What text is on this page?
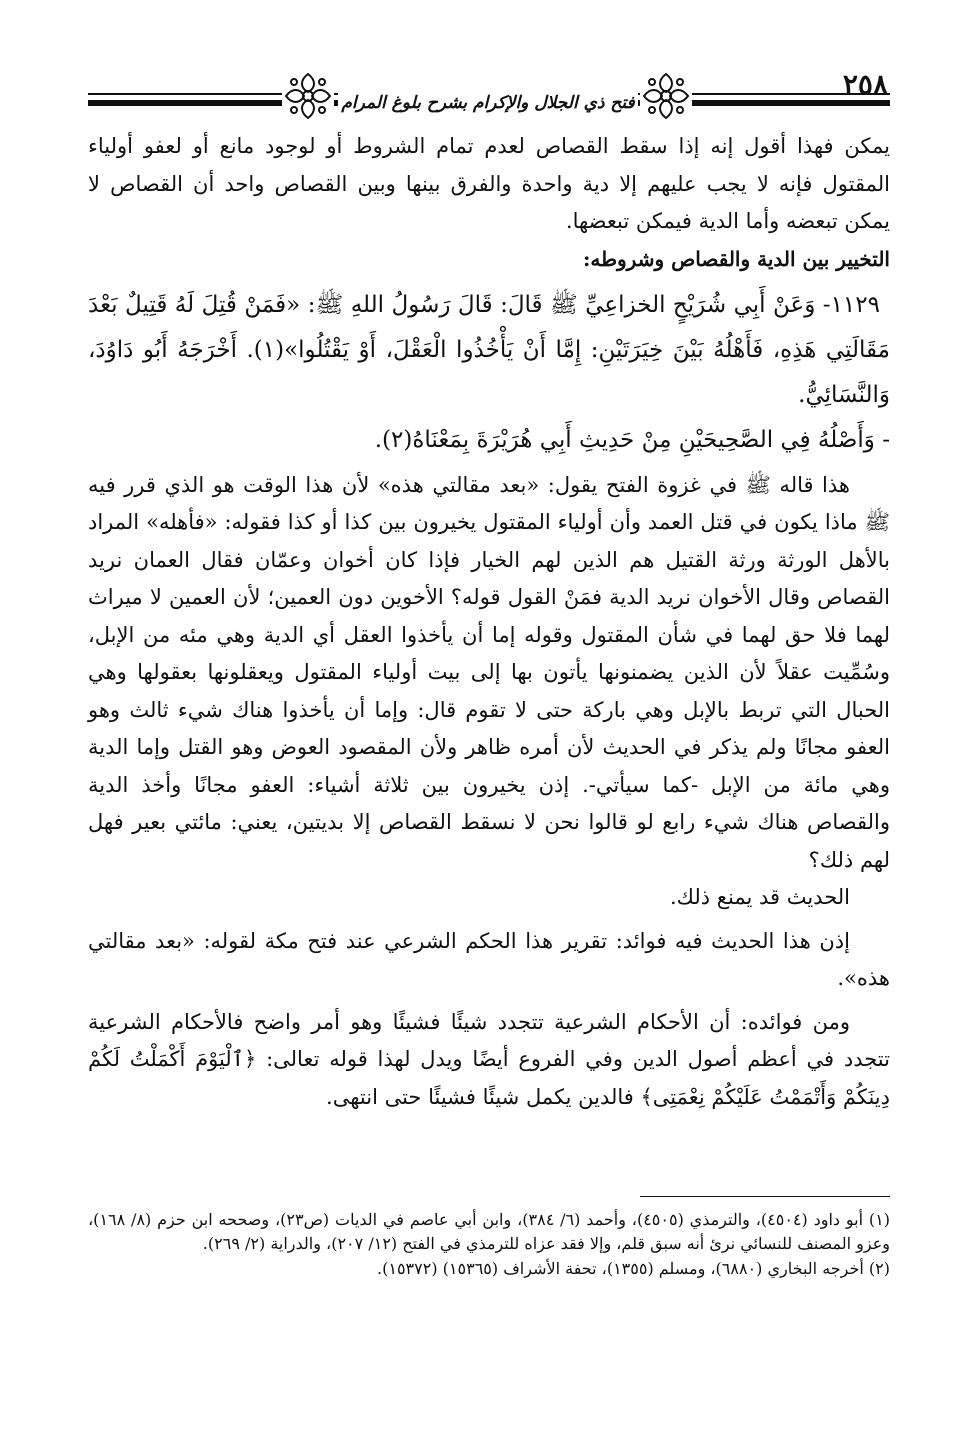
فتح ذي الجلال والإكرام بشرح بلوغ المرام
٢٥٨

يمكن فهذا أقول إنه إذا سقط القصاص لعدم تمام الشروط أو لوجود مانع أو لعفو أولياء المقتول فإنه لا يجب عليهم إلا دية واحدة والفرق بينها وبين القصاص واحد أن القصاص لا يمكن تبعضه وأما الدية فيمكن تبعضها.

التخيير بين الدية والقصاص وشروطه:

١١٢٩- وَعَنْ أَبِي شُرَيْحٍ الخزاعِيِّ ﷺ قَالَ: قَالَ رَسُولُ اللهِ ﷺ: «فَمَنْ قُتِلَ لَهُ قَتِيلٌ بَعْدَ مَقَالَتِي هَذِهِ، فَأَهْلُهُ بَيْنَ خِيَرَتَيْنِ: إِمَّا أَنْ يَأْخُذُوا الْعَقْلَ، أَوْ يَقْتُلُوا»(١). أَخْرَجَهُ أَبُو دَاوُدَ، وَالنَّسَائِيُّ.

- وَأَصْلُهُ فِي الصَّحِيحَيْنِ مِنْ حَدِيثِ أَبِي هُرَيْرَةَ بِمَعْنَاهُ(٢).

هذا قاله ﷺ في غزوة الفتح يقول: «بعد مقالتي هذه» لأن هذا الوقت هو الذي قرر فيه ﷺ ماذا يكون في قتل العمد وأن أولياء المقتول يخيرون بين كذا أو كذا فقوله: «فأهله» المراد بالأهل الورثة ورثة القتيل هم الذين لهم الخيار فإذا كان أخوان وعمّان فقال العمان نريد القصاص وقال الأخوان نريد الدية فمَنْ القول قوله؟ الأخوين دون العمين؛ لأن العمين لا ميراث لهما فلا حق لهما في شأن المقتول وقوله إما أن يأخذوا العقل أي الدية وهي مئه من الإبل، وسُمِّيت عقلاً لأن الذين يضمنونها يأتون بها إلى بيت أولياء المقتول ويعقلونها بعقولها وهي الحبال التي تربط بالإبل وهي باركة حتى لا تقوم قال: وإما أن يأخذوا هناك شيء ثالث وهو العفو مجانًا ولم يذكر في الحديث لأن أمره ظاهر ولأن المقصود العوض وهو القتل وإما الدية وهي مائة من الإبل -كما سيأتي-. إذن يخيرون بين ثلاثة أشياء: العفو مجانًا وأخذ الدية والقصاص هناك شيء رابع لو قالوا نحن لا نسقط القصاص إلا بديتين، يعني: مائتي بعير فهل لهم ذلك؟

الحديث قد يمنع ذلك.

إذن هذا الحديث فيه فوائد: تقرير هذا الحكم الشرعي عند فتح مكة لقوله: «بعد مقالتي هذه».

ومن فوائده: أن الأحكام الشرعية تتجدد شيئًا فشيئًا وهو أمر واضح فالأحكام الشرعية تتجدد في أعظم أصول الدين وفي الفروع أيضًا ويدل لهذا قوله تعالى: ﴿ٱلْيَوْمَ أَكْمَلْتُ لَكُمْ دِينَكُمْ وَأَتْمَمْتُ عَلَيْكُمْ نِعْمَتِى﴾ فالدين يكمل شيئًا فشيئًا حتى انتهى.

(١) أبو داود (٤٥٠٤)، والترمذي (٤٥٠٥)، وأحمد (٦/ ٣٨٤)، وابن أبي عاصم في الديات (ص٢٣)، وصححه ابن حزم (٨/ ١٦٨)، وعزو المصنف للنسائي نرئ أنه سبق قلم، وإلا فقد عزاه للترمذي في الفتح (١٢/ ٢٠٧)، والدراية (٢/ ٢٦٩).

(٢) أخرجه البخاري (٦٨٨٠)، ومسلم (١٣٥٥)، تحفة الأشراف (١٥٣٦٥) (١٥٣٧٢).
